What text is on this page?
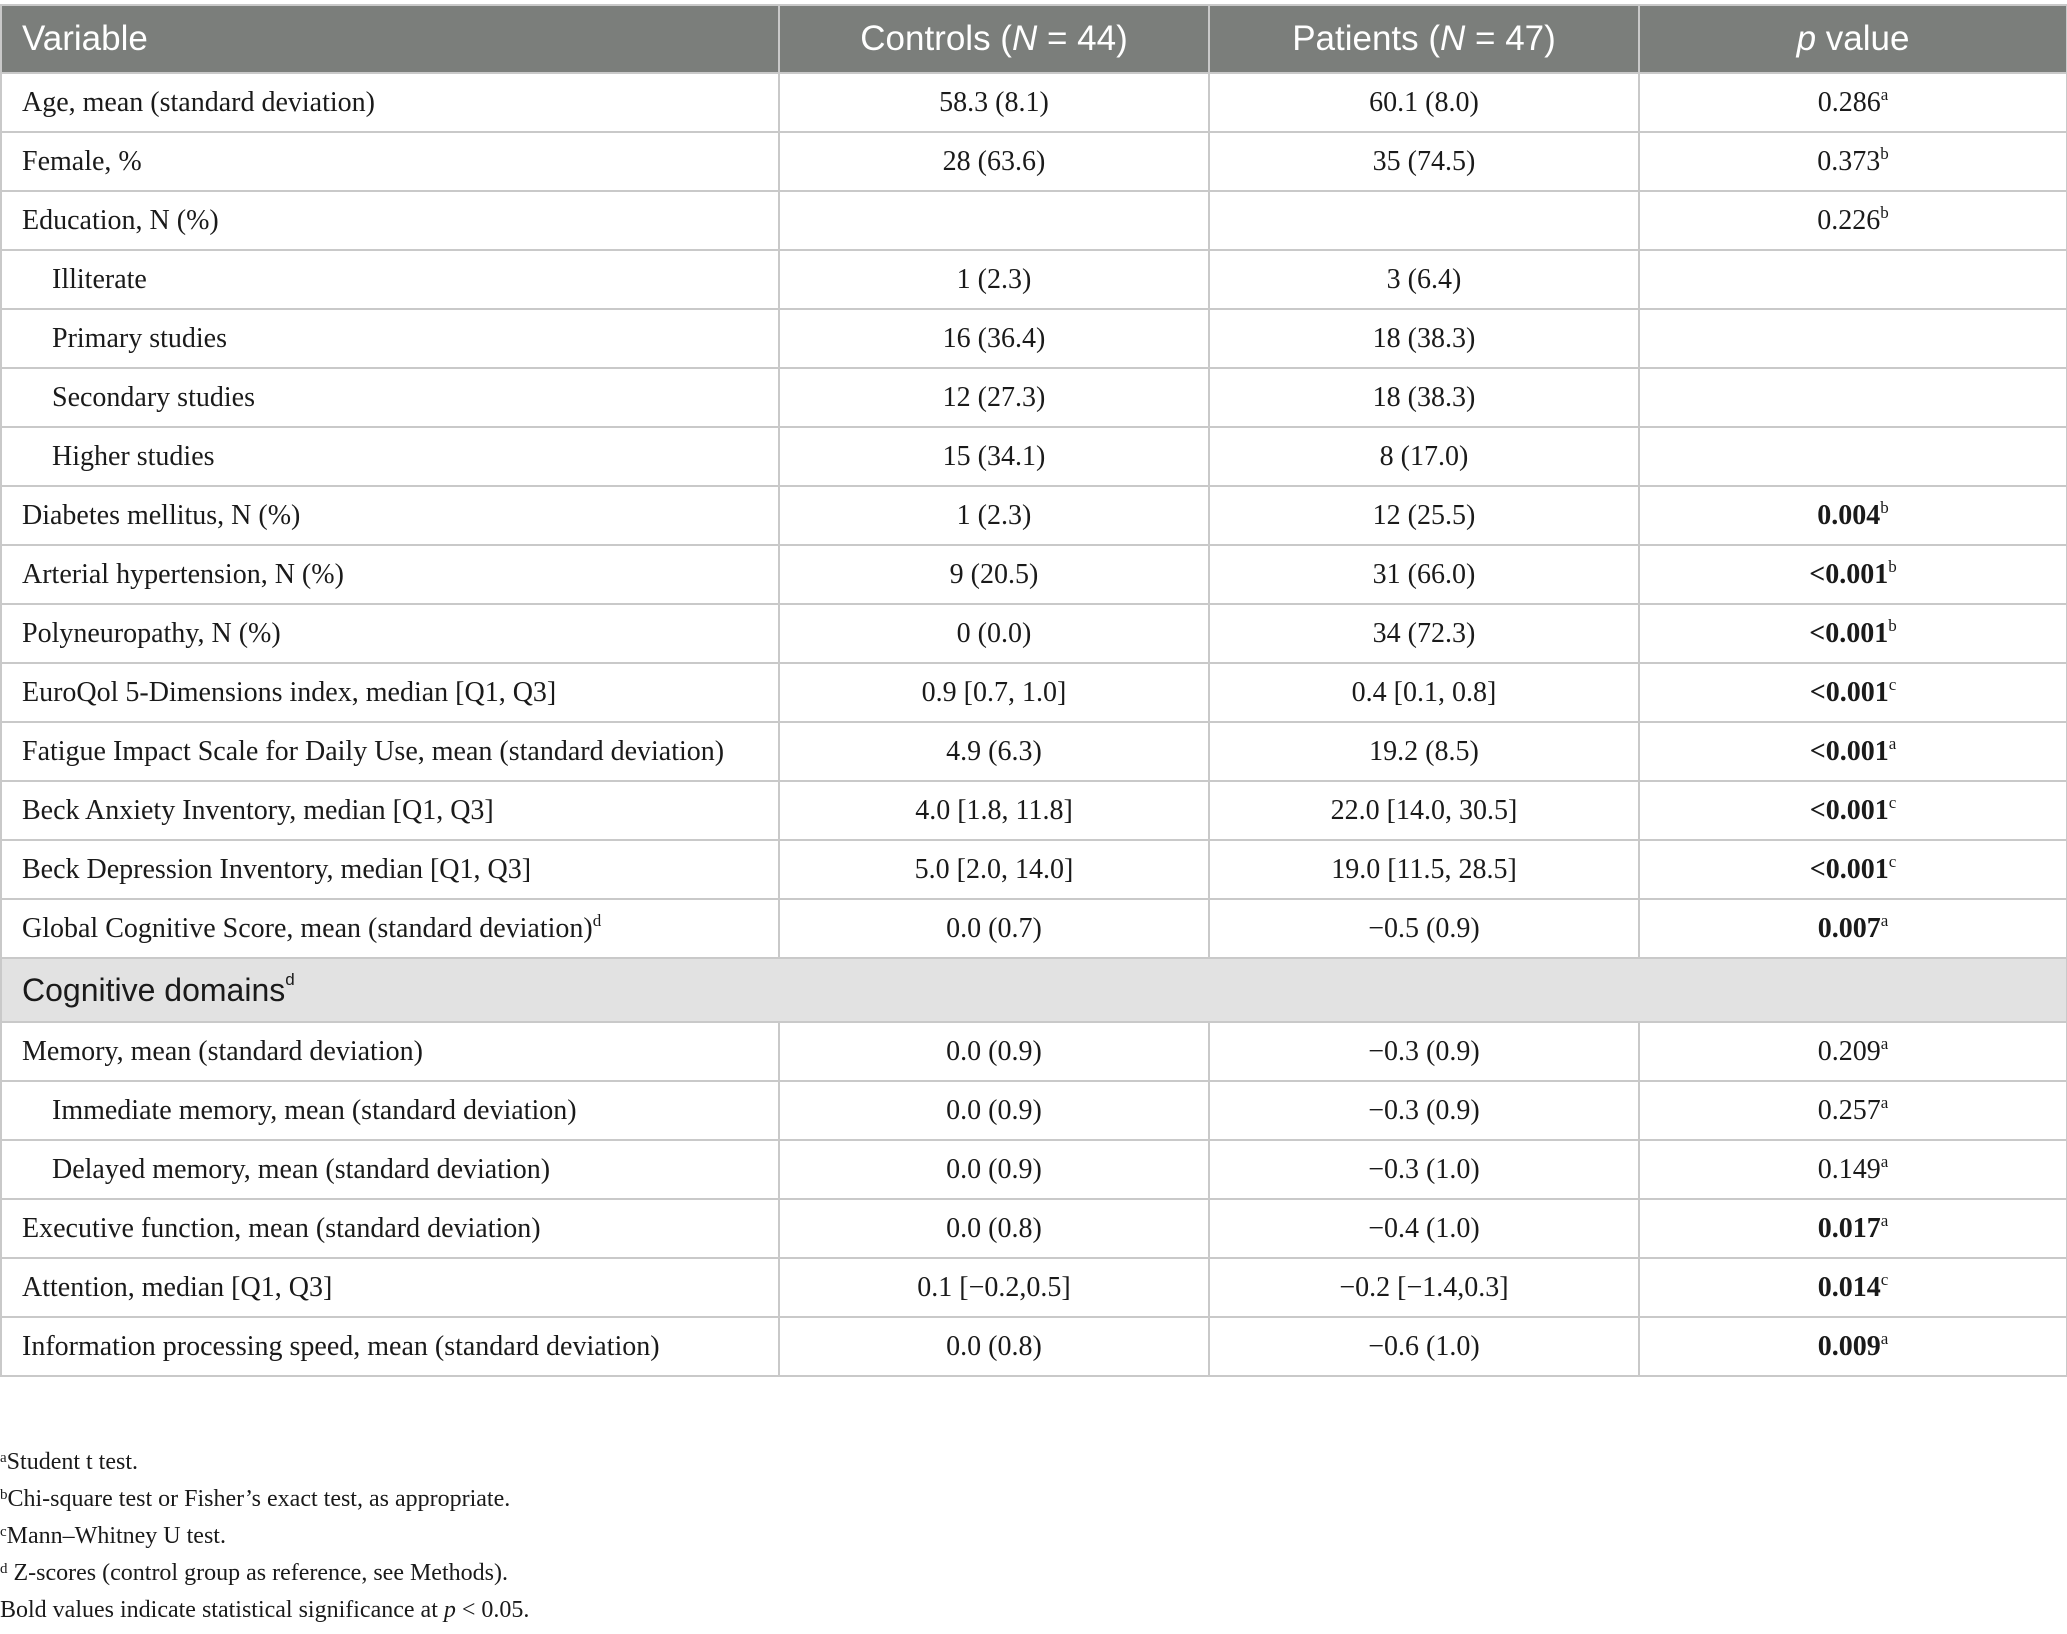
Variable	Controls (N = 44)	Patients (N = 47)	p value
Age, mean (standard deviation)	58.3 (8.1)	60.1 (8.0)	0.286$^a$
Female, %	28 (63.6)	35 (74.5)	0.373$^b$
Education, N (%)			0.226$^b$
Illiterate	1 (2.3)	3 (6.4)	
Primary studies	16 (36.4)	18 (38.3)	
Secondary studies	12 (27.3)	18 (38.3)	
Higher studies	15 (34.1)	8 (17.0)	
Diabetes mellitus, N (%)	1 (2.3)	12 (25.5)	0.004$^b$
Arterial hypertension, N (%)	9 (20.5)	31 (66.0)	<0.001$^b$
Polyneuropathy, N (%)	0 (0.0)	34 (72.3)	<0.001$^b$
EuroQol 5-Dimensions index, median [Q1, Q3]	0.9 [0.7, 1.0]	0.4 [0.1, 0.8]	<0.001$^c$
Fatigue Impact Scale for Daily Use, mean (standard deviation)	4.9 (6.3)	19.2 (8.5)	<0.001$^a$
Beck Anxiety Inventory, median [Q1, Q3]	4.0 [1.8, 11.8]	22.0 [14.0, 30.5]	<0.001$^c$
Beck Depression Inventory, median [Q1, Q3]	5.0 [2.0, 14.0]	19.0 [11.5, 28.5]	<0.001$^c$
Global Cognitive Score, mean (standard deviation)$^d$	0.0 (0.7)	−0.5 (0.9)	0.007$^a$
Cognitive domains$^d$
Memory, mean (standard deviation)	0.0 (0.9)	−0.3 (0.9)	0.209$^a$
Immediate memory, mean (standard deviation)	0.0 (0.9)	−0.3 (0.9)	0.257$^a$
Delayed memory, mean (standard deviation)	0.0 (0.9)	−0.3 (1.0)	0.149$^a$
Executive function, mean (standard deviation)	0.0 (0.8)	−0.4 (1.0)	0.017$^a$
Attention, median [Q1, Q3]	0.1 [−0.2,0.5]	−0.2 [−1.4,0.3]	0.014$^c$
Information processing speed, mean (standard deviation)	0.0 (0.8)	−0.6 (1.0)	0.009$^a$
$^a$Student t test.
$^b$Chi-square test or Fisher’s exact test, as appropriate.
$^c$Mann–Whitney U test.
$^d$ Z-scores (control group as reference, see Methods).
Bold values indicate statistical significance at p < 0.05.
